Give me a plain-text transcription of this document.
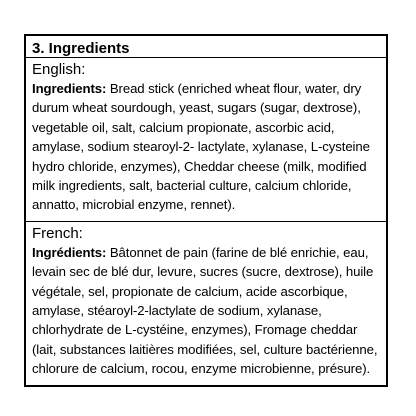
3. Ingredients
English:
Ingredients: Bread stick (enriched wheat flour, water, dry durum wheat sourdough, yeast, sugars (sugar, dextrose), vegetable oil, salt, calcium propionate, ascorbic acid, amylase, sodium stearoyl-2- lactylate, xylanase, L-cysteine hydro chloride, enzymes), Cheddar cheese (milk, modified milk ingredients, salt, bacterial culture, calcium chloride, annatto, microbial enzyme, rennet).
French:
Ingrédients: Bâtonnet de pain (farine de blé enrichie, eau, levain sec de blé dur, levure, sucres (sucre, dextrose), huile végétale, sel, propionate de calcium, acide ascorbique, amylase, stéaroyl-2-lactylate de sodium, xylanase, chlorhydrate de L-cystéine, enzymes), Fromage cheddar (lait, substances laitières modifiées, sel, culture bactérienne, chlorure de calcium, rocou, enzyme microbienne, présure).
